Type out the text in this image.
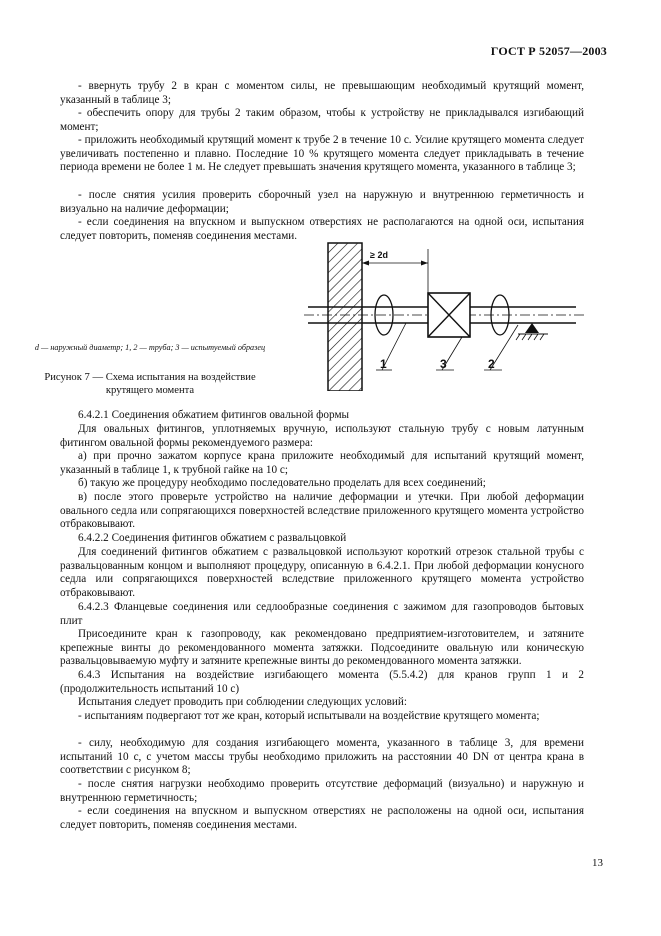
ГОСТ Р 52057—2003

- ввернуть трубу 2 в кран с моментом силы, не превышающим необходимый крутящий момент, указанный в таблице 3;

- обеспечить опору для трубы 2 таким образом, чтобы к устройству не прикладывался изгибающий момент;

- приложить необходимый крутящий момент к трубе 2 в течение 10 с. Усилие крутящего момента следует увеличивать постепенно и плавно. Последние 10 % крутящего момента следует прикладывать в течение периода времени не более 1 м. Не следует превышать значения крутящего момента, указанного в таблице 3;

- после снятия усилия проверить сборочный узел на наружную и внутреннюю герметичность и визуально на наличие деформации;

- если соединения на впускном и выпускном отверстиях не располагаются на одной оси, испытания следует повторить, поменяв соединения местами.

≥ 2d
1	3	2
d — наружный диаметр; 1, 2 — труба; 3 — испытуемый образец
Рисунок 7 — Схема испытания на воздействие крутящего момента

6.4.2.1 Соединения обжатием фитингов овальной формы

Для овальных фитингов, уплотняемых вручную, используют стальную трубу с новым латунным фитингом овальной формы рекомендуемого размера:

а) при прочно зажатом корпусе крана приложите необходимый для испытаний крутящий момент, указанный в таблице 1, к трубной гайке на 10 с;

б) такую же процедуру необходимо последовательно проделать для всех соединений;

в) после этого проверьте устройство на наличие деформации и утечки. При любой деформации овального седла или сопрягающихся поверхностей вследствие приложенного крутящего момента устройство отбраковывают.

6.4.2.2 Соединения фитингов обжатием с развальцовкой

Для соединений фитингов обжатием с развальцовкой используют короткий отрезок стальной трубы с развальцованным концом и выполняют процедуру, описанную в 6.4.2.1. При любой деформации конусного седла или сопрягающихся поверхностей вследствие приложенного крутящего момента устройство отбраковывают.

6.4.2.3 Фланцевые соединения или седлообразные соединения с зажимом для газопроводов бытовых плит

Присоедините кран к газопроводу, как рекомендовано предприятием-изготовителем, и затяните крепежные винты до рекомендованного момента затяжки. Подсоедините овальную или коническую развальцовываемую муфту и затяните крепежные винты до рекомендованного момента затяжки.

6.4.3 Испытания на воздействие изгибающего момента (5.5.4.2) для кранов групп 1 и 2 (продолжительность испытаний 10 с)

Испытания следует проводить при соблюдении следующих условий:

- испытаниям подвергают тот же кран, который испытывали на воздействие крутящего момента;

- силу, необходимую для создания изгибающего момента, указанного в таблице 3, для времени испытаний 10 с, с учетом массы трубы необходимо приложить на расстоянии 40 DN от центра крана в соответствии с рисунком 8;

- после снятия нагрузки необходимо проверить отсутствие деформаций (визуально) и наружную и внутреннюю герметичность;

- если соединения на впускном и выпускном отверстиях не расположены на одной оси, испытания следует повторить, поменяв соединения местами.

13
